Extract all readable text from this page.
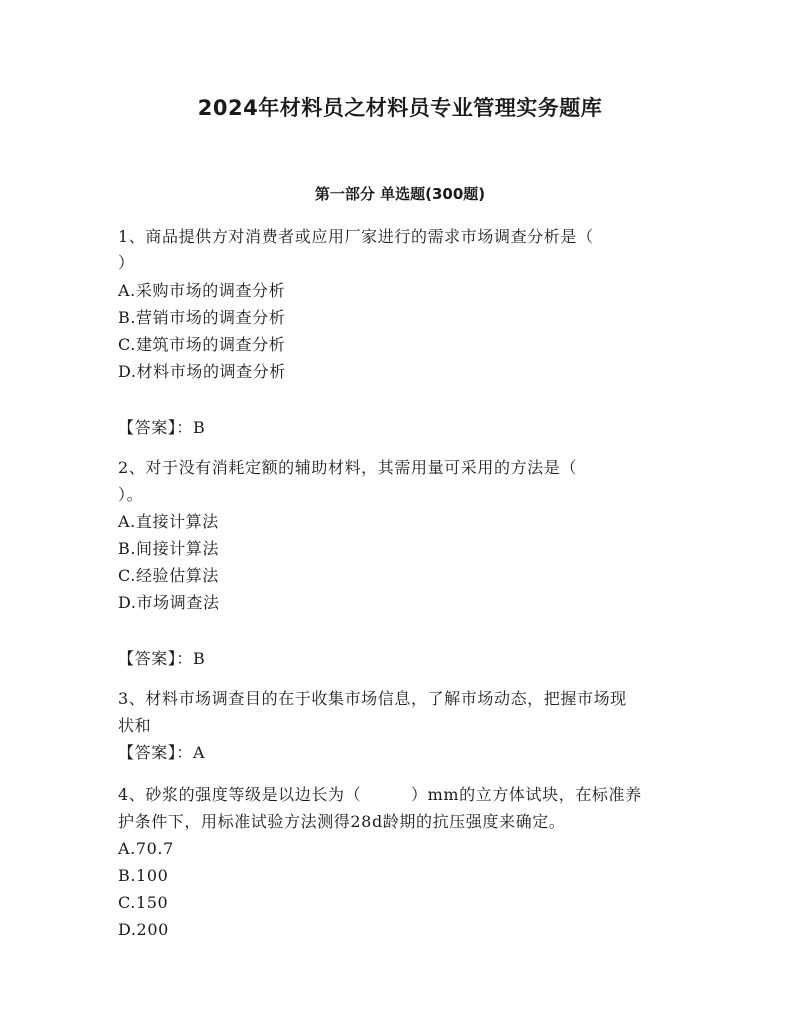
2024年材料员之材料员专业管理实务题库
第一部分 单选题(300题)
1、商品提供方对消费者或应用厂家进行的需求市场调查分析是（
）
A.采购市场的调查分析
B.营销市场的调查分析
C.建筑市场的调查分析
D.材料市场的调查分析
【答案】：B
2、对于没有消耗定额的辅助材料，其需用量可采用的方法是（
）。
A.直接计算法
B.间接计算法
C.经验估算法
D.市场调查法
【答案】：B
3、材料市场调查目的在于收集市场信息，了解市场动态，把握市场现
状和
【答案】：A
4、砂浆的强度等级是以边长为（　　　）mm的立方体试块，在标准养
护条件下，用标准试验方法测得28d龄期的抗压强度来确定。
A.70.7
B.100
C.150
D.200
